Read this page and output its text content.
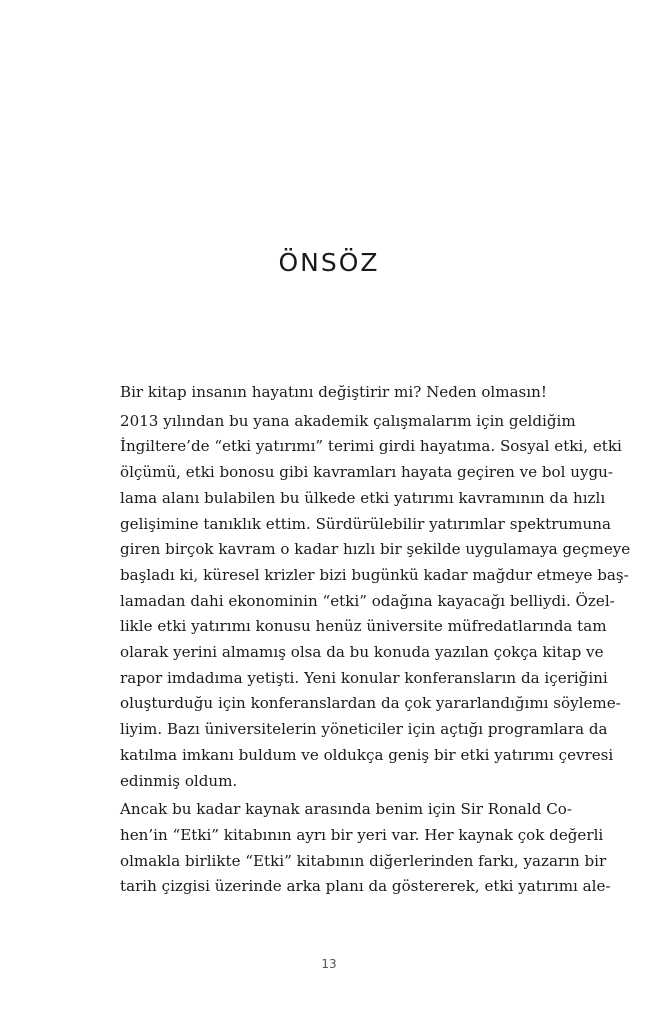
ÖNSÖZ

Bir kitap insanın hayatını değiştirir mi? Neden olmasın!

2013 yılından bu yana akademik çalışmalarım için geldiğim
İngiltere’de “etki yatırımı” terimi girdi hayatıma. Sosyal etki, etki
ölçümü, etki bonosu gibi kavramları hayata geçiren ve bol uygu-
lama alanı bulabilen bu ülkede etki yatırımı kavramının da hızlı
gelişimine tanıklık ettim. Sürdürülebilir yatırımlar spektrumuna
giren birçok kavram o kadar hızlı bir şekilde uygulamaya geçmeye
başladı ki, küresel krizler bizi bugünkü kadar mağdur etmeye baş-
lamadan dahi ekonominin “etki” odağına kayacağı belliydi. Özel-
likle etki yatırımı konusu henüz üniversite müfredatlarında tam
olarak yerini almamış olsa da bu konuda yazılan çokça kitap ve
rapor imdadıma yetişti. Yeni konular konferansların da içeriğini
oluşturduğu için konferanslardan da çok yararlandığımı söyleme-
liyim. Bazı üniversitelerin yöneticiler için açtığı programlara da
katılma imkanı buldum ve oldukça geniş bir etki yatırımı çevresi
edinmiş oldum.

Ancak bu kadar kaynak arasında benim için Sir Ronald Co-
hen’in “Etki” kitabının ayrı bir yeri var. Her kaynak çok değerli
olmakla birlikte “Etki” kitabının diğerlerinden farkı, yazarın bir
tarih çizgisi üzerinde arka planı da göstererek, etki yatırımı ale-

13
